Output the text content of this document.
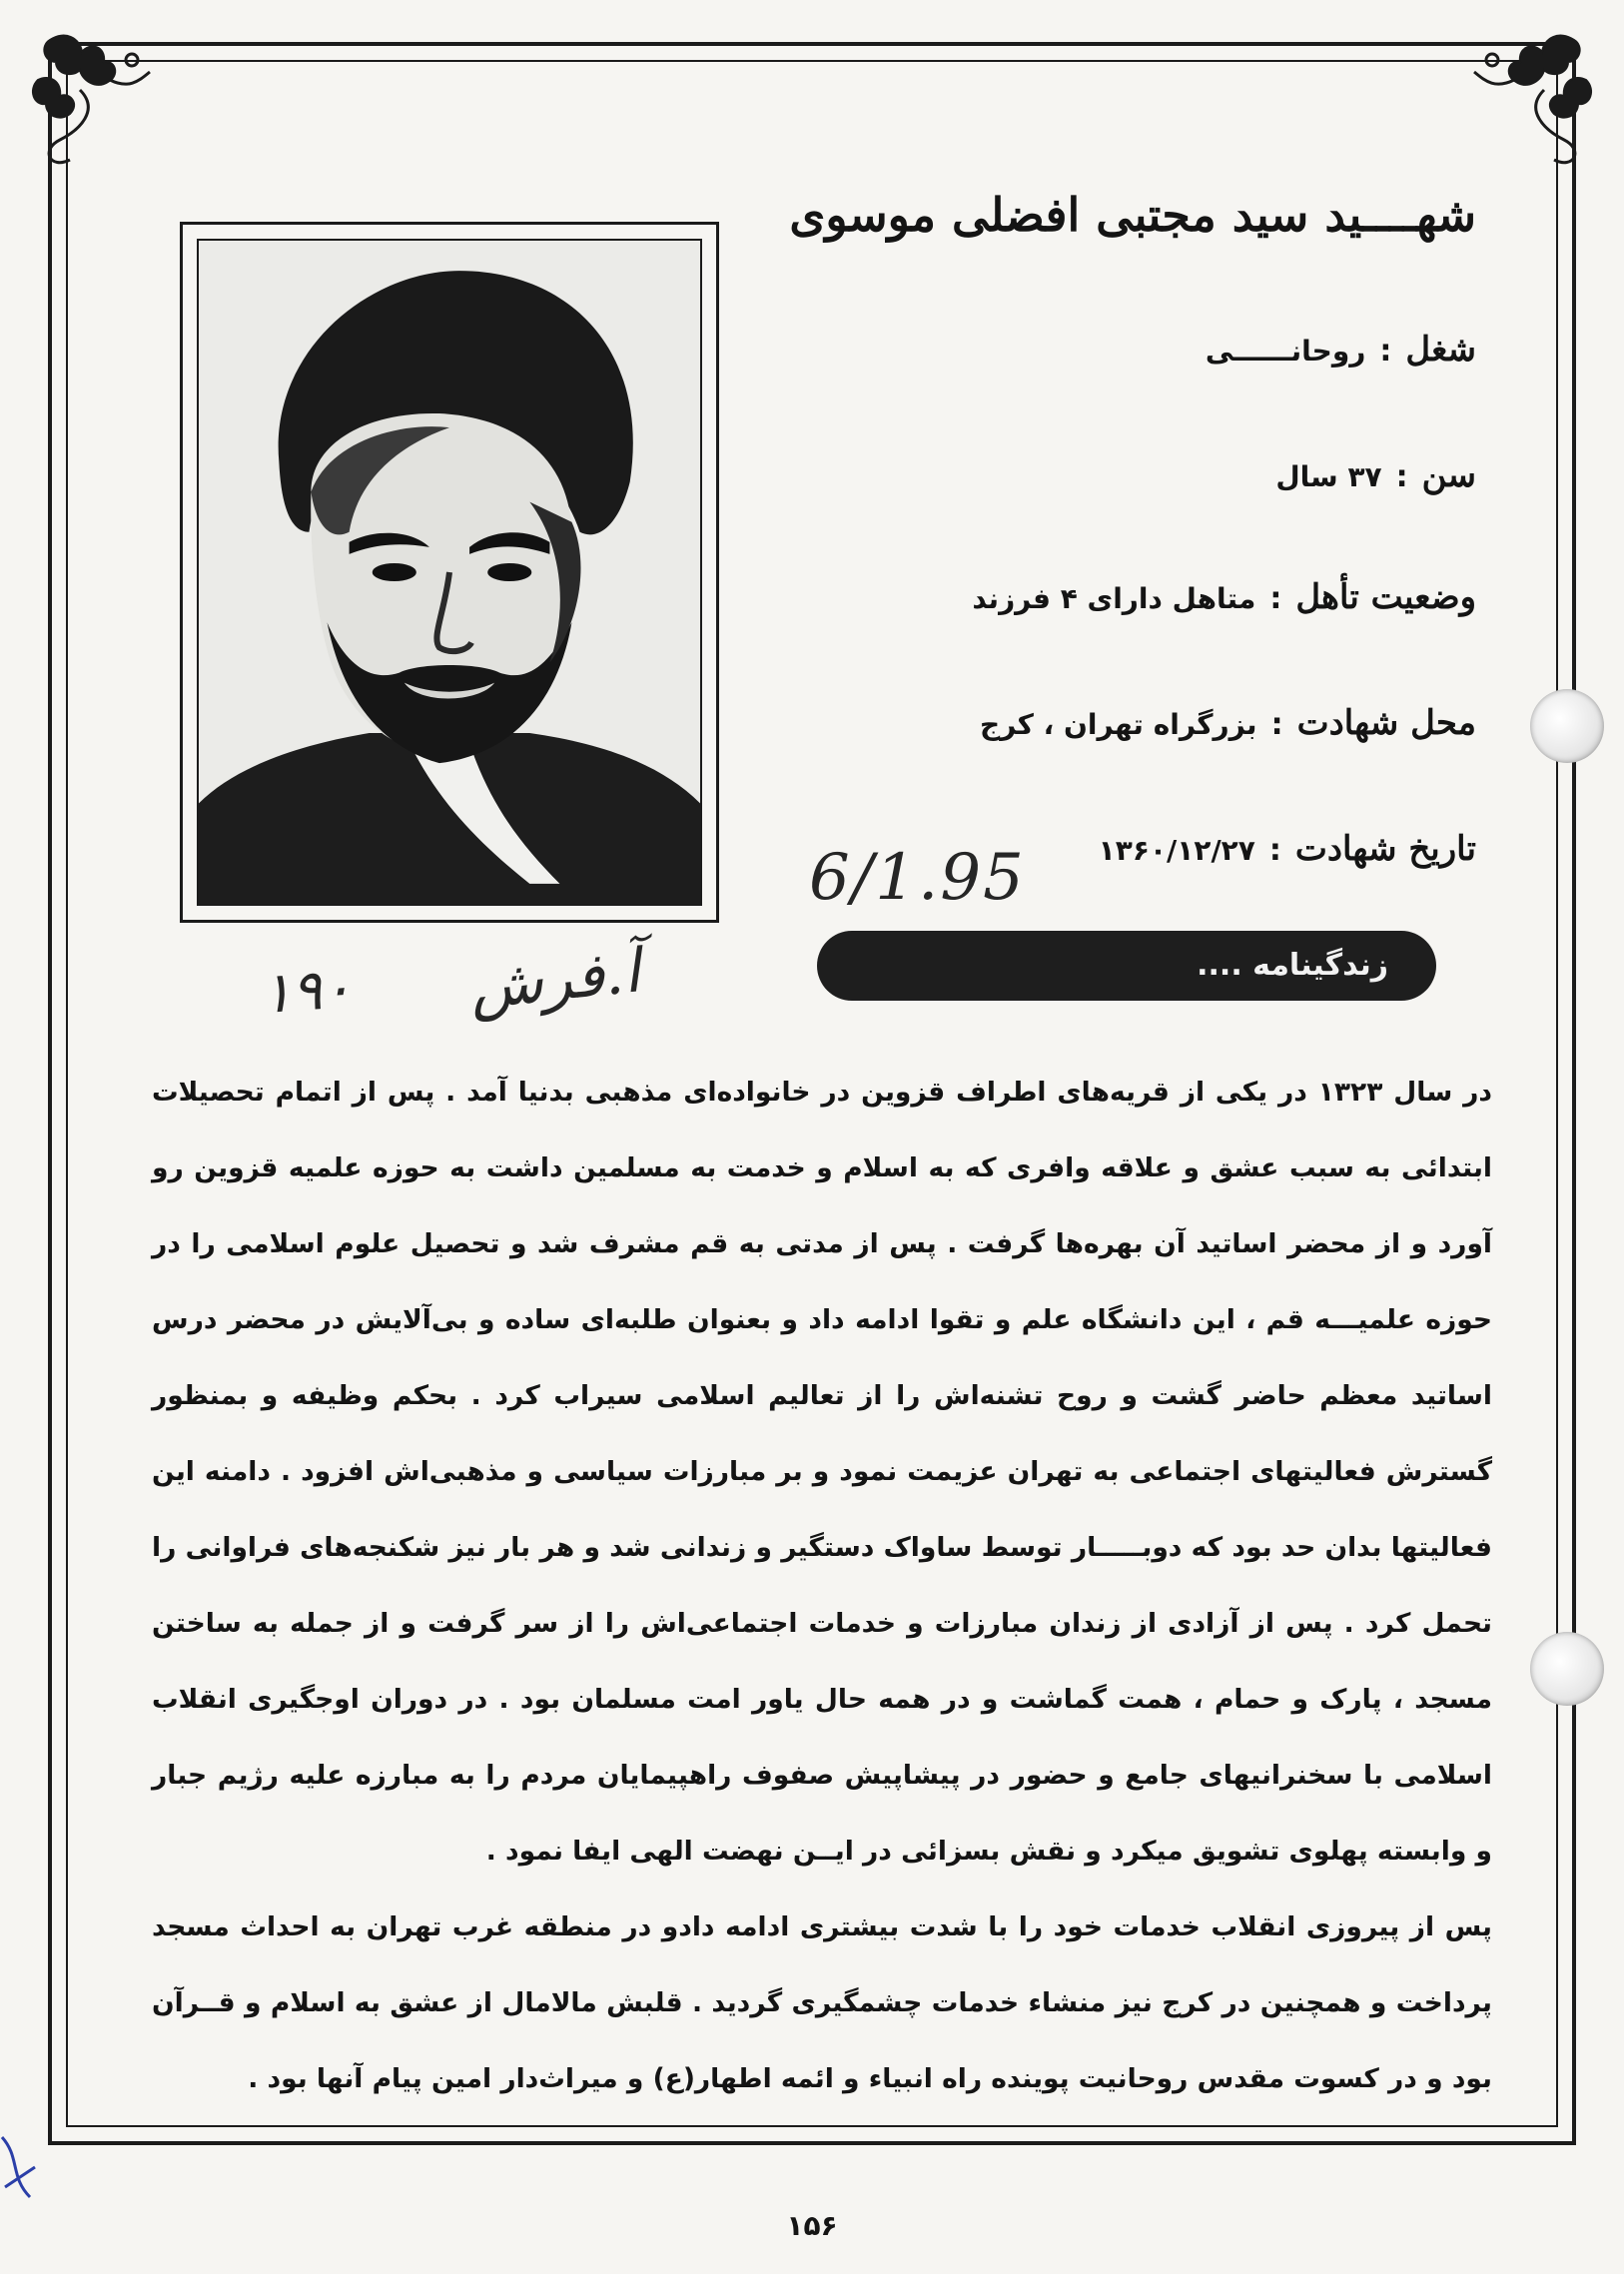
شهــــيد سيد مجتبی افضلی موسوی
شغل
:
روحانــــــی
سن
:
۳۷ سال
وضعیت تأهل
:
متاهل دارای ۴ فرزند
محل شهادت
:
بزرگراه تهران ، کرج
تاریخ شهادت
:
۱۳۶۰/۱۲/۲۷
6/1.95
۱۹۰ آ.فرش	زندگینامه ....

در سال ۱۳۲۳ در یکی از قریه‌های اطراف قزوین در خانواده‌ای مذهبی بدنیا آمد . پس از اتمام تحصیلات ابتدائی به سبب عشق و علاقه وافری که به اسلام و خدمت به مسلمین داشت به حوزه علمیه قزوین رو آورد و از محضر اساتید آن بهره‌ها گرفت . پس از مدتی به قم مشرف شد و تحصیل علوم اسلامی را در حوزه علمیـــه قم ، این دانشگاه علم و تقوا ادامه داد و بعنوان طلبه‌ای ساده و بی‌آلایش در محضر درس اساتید معظم حاضر گشت و روح تشنه‌اش را از تعالیم اسلامی سیراب کرد . بحکم وظیفه و بمنظور گسترش فعالیتهای اجتماعی به تهران عزیمت نمود و بر مبارزات سیاسی و مذهبی‌اش افزود . دامنه این فعالیتها بدان حد بود که دوبـــــار توسط ساواک دستگیر و زندانی شد و هر بار نیز شکنجه‌های فراوانی را تحمل کرد . پس از آزادی از زندان مبارزات و خدمات اجتماعی‌اش را از سر گرفت و از جمله به ساختن مسجد ، پارک و حمام ، همت گماشت و در همه حال یاور امت مسلمان بود . در دوران اوجگیری انقلاب اسلامی با سخنرانیهای جامع و حضور در پیشاپیش صفوف راهپیمایان مردم را به مبارزه علیه رژیم جبار و وابسته پهلوی تشویق میکرد و نقش بسزائی در ایــن نهضت الهی ایفا نمود .

پس از پیروزی انقلاب خدمات خود را با شدت بیشتری ادامه دادو در منطقه غرب تهران به احداث مسجد پرداخت و همچنین در کرج نیز منشاء خدمات چشمگیری گردید . قلبش مالامال از عشق به اسلام و قــرآن بود و در کسوت مقدس روحانیت پوینده راه انبیاء و ائمه اطهار(ع) و میراث‌دار امین پیام آنها بود .

۱۵۶
